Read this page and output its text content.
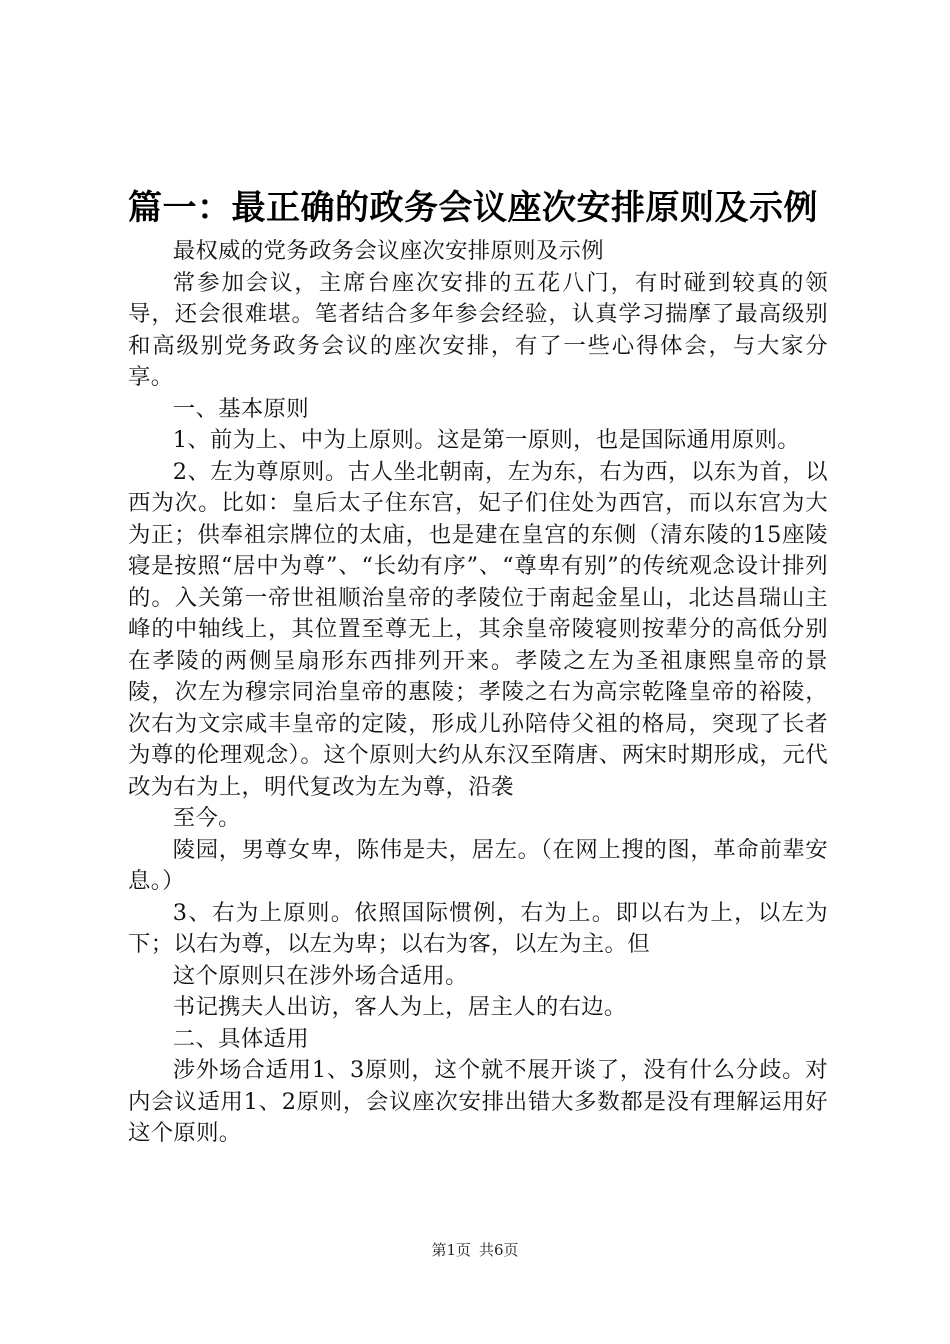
篇一：最正确的政务会议座次安排原则及示例

最权威的党务政务会议座次安排原则及示例

常参加会议，主席台座次安排的五花八门，有时碰到较真的领导，还会很难堪。笔者结合多年参会经验，认真学习揣摩了最高级别和高级别党务政务会议的座次安排，有了一些心得体会，与大家分享。

一、基本原则

1、前为上、中为上原则。这是第一原则，也是国际通用原则。

2、左为尊原则。古人坐北朝南，左为东，右为西，以东为首，以西为次。比如：皇后太子住东宫，妃子们住处为西宫，而以东宫为大为正；供奉祖宗牌位的太庙，也是建在皇宫的东侧（清东陵的15座陵寝是按照“居中为尊”、“长幼有序”、“尊卑有别”的传统观念设计排列的。入关第一帝世祖顺治皇帝的孝陵位于南起金星山，北达昌瑞山主峰的中轴线上，其位置至尊无上，其余皇帝陵寝则按辈分的高低分别在孝陵的两侧呈扇形东西排列开来。孝陵之左为圣祖康熙皇帝的景陵，次左为穆宗同治皇帝的惠陵；孝陵之右为高宗乾隆皇帝的裕陵，次右为文宗咸丰皇帝的定陵，形成儿孙陪侍父祖的格局，突现了长者为尊的伦理观念）。这个原则大约从东汉至隋唐、两宋时期形成，元代改为右为上，明代复改为左为尊，沿袭

至今。

陵园，男尊女卑，陈伟是夫，居左。（在网上搜的图，革命前辈安息。）

3、右为上原则。依照国际惯例，右为上。即以右为上，以左为下；以右为尊，以左为卑；以右为客，以左为主。但

这个原则只在涉外场合适用。

书记携夫人出访，客人为上，居主人的右边。

二、具体适用

涉外场合适用1、3原则，这个就不展开谈了，没有什么分歧。对内会议适用1、2原则，会议座次安排出错大多数都是没有理解运用好这个原则。

第1页 共6页
